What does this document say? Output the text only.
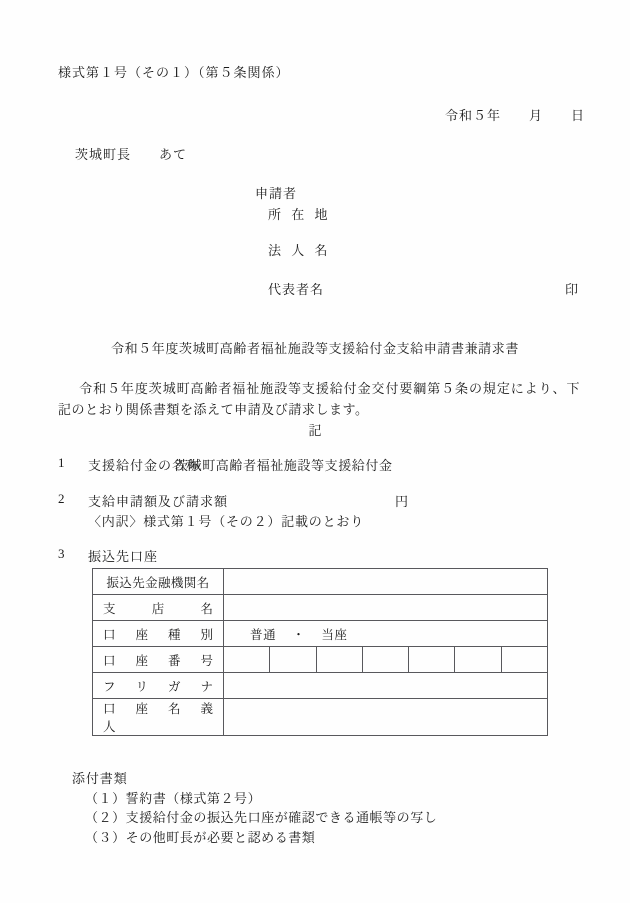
様式第１号（その１）（第５条関係）
令和５年　　月　　日
茨城町長　　あて
申請者
所 在 地
法 人 名
代表者名	印
令和５年度茨城町高齢者福祉施設等支援給付金支給申請書兼請求書
令和５年度茨城町高齢者福祉施設等支援給付金交付要綱第５条の規定により、下記のとおり関係書類を添えて申請及び請求します。
記
1 支援給付金の名称
茨城町高齢者福祉施設等支援給付金
2 支給申請額及び請求額	円
〈内訳〉様式第１号（その２）記載のとおり
3 振込先口座
振込先金融機関名							

支　店　名							

口　座　種　別	普通 ・ 当座						

口　座　番　号							

フ　リ　ガ　ナ							

口　座　名　義　人							

添付書類
（１）誓約書（様式第２号）
（２）支援給付金の振込先口座が確認できる通帳等の写し
（３）その他町長が必要と認める書類
